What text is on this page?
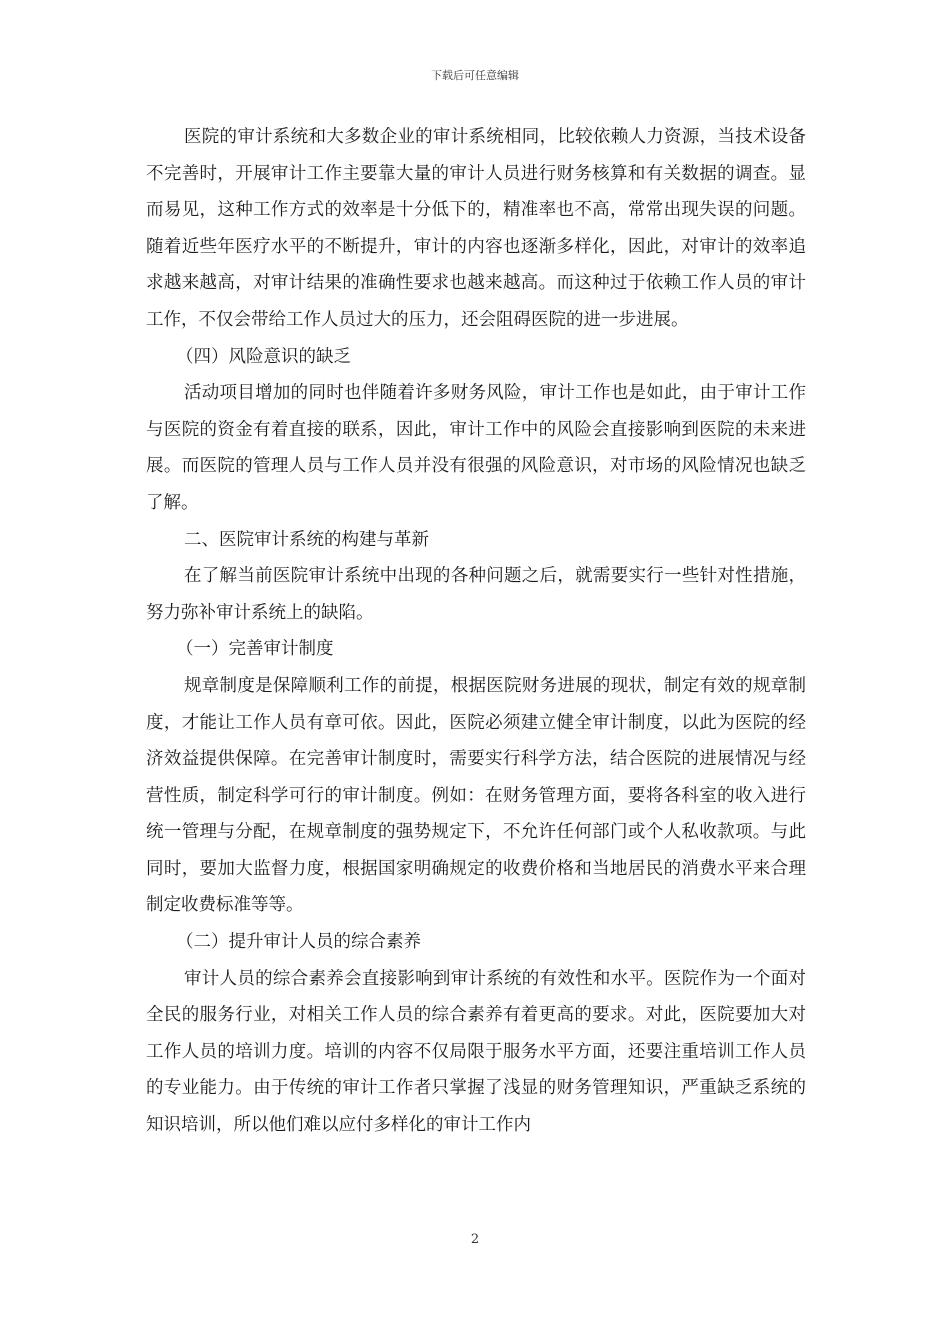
下载后可任意编辑

医院的审计系统和大多数企业的审计系统相同，比较依赖人力资源，当技术设备不完善时，开展审计工作主要靠大量的审计人员进行财务核算和有关数据的调查。显而易见，这种工作方式的效率是十分低下的，精准率也不高，常常出现失误的问题。随着近些年医疗水平的不断提升，审计的内容也逐渐多样化，因此，对审计的效率追求越来越高，对审计结果的准确性要求也越来越高。而这种过于依赖工作人员的审计工作，不仅会带给工作人员过大的压力，还会阻碍医院的进一步进展。

（四）风险意识的缺乏

活动项目增加的同时也伴随着许多财务风险，审计工作也是如此，由于审计工作与医院的资金有着直接的联系，因此，审计工作中的风险会直接影响到医院的未来进展。而医院的管理人员与工作人员并没有很强的风险意识，对市场的风险情况也缺乏了解。

二、医院审计系统的构建与革新

在了解当前医院审计系统中出现的各种问题之后，就需要实行一些针对性措施，努力弥补审计系统上的缺陷。

（一）完善审计制度

规章制度是保障顺利工作的前提，根据医院财务进展的现状，制定有效的规章制度，才能让工作人员有章可依。因此，医院必须建立健全审计制度，以此为医院的经济效益提供保障。在完善审计制度时，需要实行科学方法，结合医院的进展情况与经营性质，制定科学可行的审计制度。例如：在财务管理方面，要将各科室的收入进行统一管理与分配，在规章制度的强势规定下，不允许任何部门或个人私收款项。与此同时，要加大监督力度，根据国家明确规定的收费价格和当地居民的消费水平来合理制定收费标准等等。

（二）提升审计人员的综合素养

审计人员的综合素养会直接影响到审计系统的有效性和水平。医院作为一个面对全民的服务行业，对相关工作人员的综合素养有着更高的要求。对此，医院要加大对工作人员的培训力度。培训的内容不仅局限于服务水平方面，还要注重培训工作人员的专业能力。由于传统的审计工作者只掌握了浅显的财务管理知识，严重缺乏系统的知识培训，所以他们难以应付多样化的审计工作内

2
